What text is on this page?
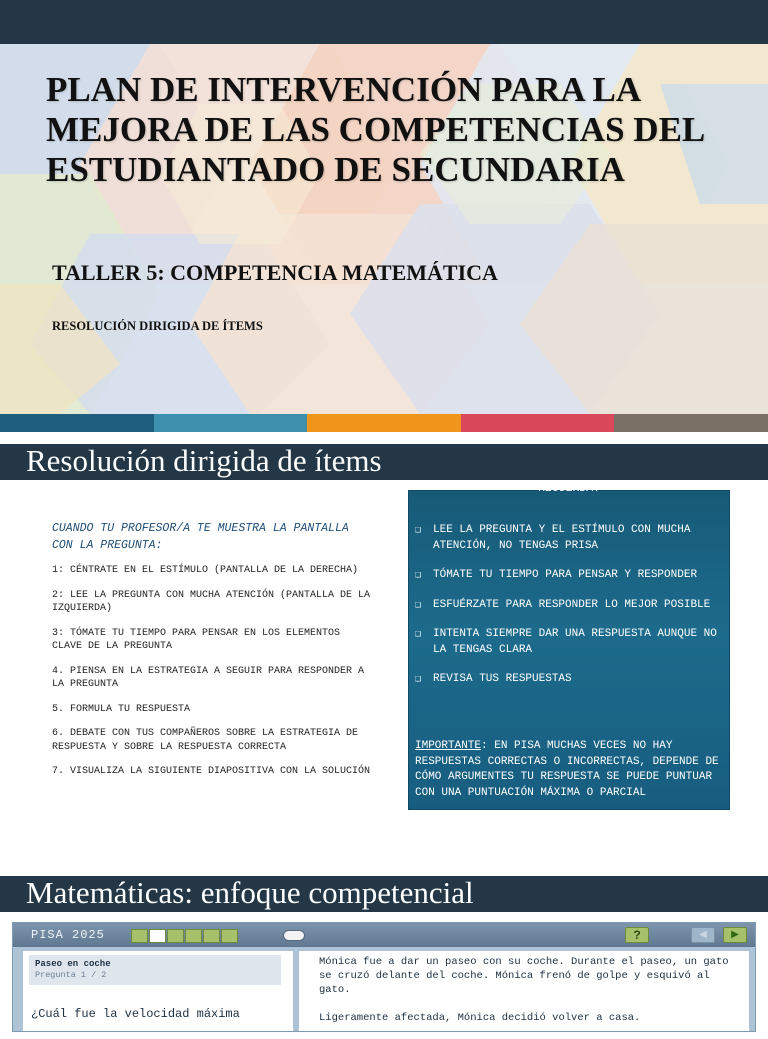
PLAN DE INTERVENCIÓN PARA LA MEJORA DE LAS COMPETENCIAS DEL ESTUDIANTADO DE SECUNDARIA
TALLER 5: COMPETENCIA MATEMÁTICA
RESOLUCIÓN DIRIGIDA DE ÍTEMS
Resolución dirigida de ítems
CUANDO TU PROFESOR/A TE MUESTRA LA PANTALLA CON LA PREGUNTA:
1: CÉNTRATE EN EL ESTÍMULO (PANTALLA DE LA DERECHA)
2: LEE LA PREGUNTA CON MUCHA ATENCIÓN (PANTALLA DE LA IZQUIERDA)
3: TÓMATE TU TIEMPO PARA PENSAR EN LOS ELEMENTOS CLAVE DE LA PREGUNTA
4. PIENSA EN LA ESTRATEGIA A SEGUIR PARA RESPONDER A LA PREGUNTA
5. FORMULA TU RESPUESTA
6. DEBATE CON TUS COMPAÑEROS SOBRE LA ESTRATEGIA DE RESPUESTA Y SOBRE LA RESPUESTA CORRECTA
7. VISUALIZA LA SIGUIENTE DIAPOSITIVA CON LA SOLUCIÓN
RECUERDA:
❑	LEE LA PREGUNTA Y EL ESTÍMULO CON MUCHA ATENCIÓN, NO TENGAS PRISA
❑	TÓMATE TU TIEMPO PARA PENSAR Y RESPONDER
❑	ESFUÉRZATE PARA RESPONDER LO MEJOR POSIBLE
❑	INTENTA SIEMPRE DAR UNA RESPUESTA AUNQUE NO LA TENGAS CLARA
❑	REVISA TUS RESPUESTAS
IMPORTANTE: EN PISA MUCHAS VECES NO HAY RESPUESTAS CORRECTAS O INCORRECTAS, DEPENDE DE CÓMO ARGUMENTES TU RESPUESTA SE PUEDE PUNTUAR CON UNA PUNTUACIÓN MÁXIMA O PARCIAL
Matemáticas: enfoque competencial
PISA 2025	?	◀	▶
Paseo en coche
Pregunta 1 / 2
¿Cuál fue la velocidad máxima

Mónica fue a dar un paseo con su coche. Durante el paseo, un gato se cruzó delante del coche. Mónica frenó de golpe y esquivó al gato.

Ligeramente afectada, Mónica decidió volver a casa.
